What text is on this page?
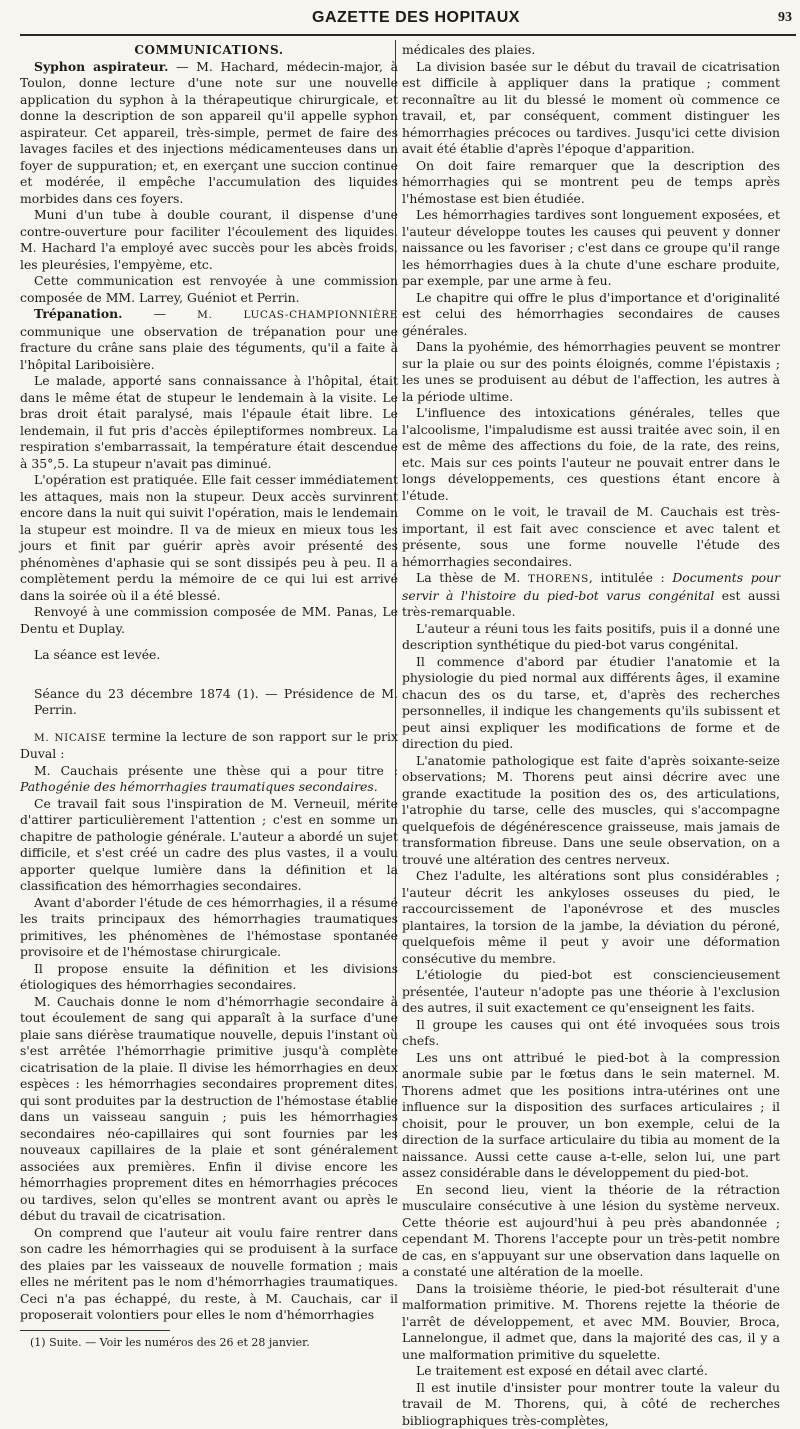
GAZETTE DES HOPITAUX	93

COMMUNICATIONS.

Syphon aspirateur. — M. Hachard, médecin-major, à Toulon, donne lecture d'une note sur une nouvelle application du syphon à la thérapeutique chirurgicale, et donne la description de son appareil qu'il appelle syphon aspirateur. Cet appareil, très-simple, permet de faire des lavages faciles et des injections médicamenteuses dans un foyer de suppuration; et, en exerçant une succion continue et modérée, il empêche l'accumulation des liquides morbides dans ces foyers.

Muni d'un tube à double courant, il dispense d'une contre-ouverture pour faciliter l'écoulement des liquides. M. Hachard l'a employé avec succès pour les abcès froids, les pleurésies, l'empyème, etc.

Cette communication est renvoyée à une commission composée de MM. Larrey, Guéniot et Perrin.

Trépanation. — M. LUCAS-CHAMPIONNIÈRE communique une observation de trépanation pour une fracture du crâne sans plaie des téguments, qu'il a faite à l'hôpital Lariboisière.

Le malade, apporté sans connaissance à l'hôpital, était dans le même état de stupeur le lendemain à la visite. Le bras droit était paralysé, mais l'épaule était libre. Le lendemain, il fut pris d'accès épileptiformes nombreux. La respiration s'embarrassait, la température était descendue à 35°,5. La stupeur n'avait pas diminué.

L'opération est pratiquée. Elle fait cesser immédiatement les attaques, mais non la stupeur. Deux accès survinrent encore dans la nuit qui suivit l'opération, mais le lendemain la stupeur est moindre. Il va de mieux en mieux tous les jours et finit par guérir après avoir présenté des phénomènes d'aphasie qui se sont dissipés peu à peu. Il a complètement perdu la mémoire de ce qui lui est arrivé dans la soirée où il a été blessé.

Renvoyé à une commission composée de MM. Panas, Le Dentu et Duplay.

La séance est levée.

Séance du 23 décembre 1874 (1). — Présidence de M. Perrin.

M. NICAISE termine la lecture de son rapport sur le prix Duval :

M. Cauchais présente une thèse qui a pour titre : Pathogénie des hémorrhagies traumatiques secondaires.

Ce travail fait sous l'inspiration de M. Verneuil, mérite d'attirer particulièrement l'attention ; c'est en somme un chapitre de pathologie générale. L'auteur a abordé un sujet difficile, et s'est créé un cadre des plus vastes, il a voulu apporter quelque lumière dans la définition et la classification des hémorrhagies secondaires.

Avant d'aborder l'étude de ces hémorrhagies, il a résumé les traits principaux des hémorrhagies traumatiques primitives, les phénomènes de l'hémostase spontanée provisoire et de l'hémostase chirurgicale.

Il propose ensuite la définition et les divisions étiologiques des hémorrhagies secondaires.

M. Cauchais donne le nom d'hémorrhagie secondaire à tout écoulement de sang qui apparaît à la surface d'une plaie sans diérèse traumatique nouvelle, depuis l'instant où s'est arrêtée l'hémorrhagie primitive jusqu'à complète cicatrisation de la plaie. Il divise les hémorrhagies en deux espèces : les hémorrhagies secondaires proprement dites, qui sont produites par la destruction de l'hémostase établie dans un vaisseau sanguin ; puis les hémorrhagies secondaires néo-capillaires qui sont fournies par les nouveaux capillaires de la plaie et sont généralement associées aux premières. Enfin il divise encore les hémorrhagies proprement dites en hémorrhagies précoces ou tardives, selon qu'elles se montrent avant ou après le début du travail de cicatrisation.

On comprend que l'auteur ait voulu faire rentrer dans son cadre les hémorrhagies qui se produisent à la surface des plaies par les vaisseaux de nouvelle formation ; mais elles ne méritent pas le nom d'hémorrhagies traumatiques. Ceci n'a pas échappé, du reste, à M. Cauchais, car il proposerait volontiers pour elles le nom d'hémorrhagies

(1) Suite. — Voir les numéros des 26 et 28 janvier.

médicales des plaies.

La division basée sur le début du travail de cicatrisation est difficile à appliquer dans la pratique ; comment reconnaître au lit du blessé le moment où commence ce travail, et, par conséquent, comment distinguer les hémorrhagies précoces ou tardives. Jusqu'ici cette division avait été établie d'après l'époque d'apparition.

On doit faire remarquer que la description des hémorrhagies qui se montrent peu de temps après l'hémostase est bien étudiée.

Les hémorrhagies tardives sont longuement exposées, et l'auteur développe toutes les causes qui peuvent y donner naissance ou les favoriser ; c'est dans ce groupe qu'il range les hémorrhagies dues à la chute d'une eschare produite, par exemple, par une arme à feu.

Le chapitre qui offre le plus d'importance et d'originalité est celui des hémorrhagies secondaires de causes générales.

Dans la pyohémie, des hémorrhagies peuvent se montrer sur la plaie ou sur des points éloignés, comme l'épistaxis ; les unes se produisent au début de l'affection, les autres à la période ultime.

L'influence des intoxications générales, telles que l'alcoolisme, l'impaludisme est aussi traitée avec soin, il en est de même des affections du foie, de la rate, des reins, etc. Mais sur ces points l'auteur ne pouvait entrer dans le longs développements, ces questions étant encore à l'étude.

Comme on le voit, le travail de M. Cauchais est très-important, il est fait avec conscience et avec talent et présente, sous une forme nouvelle l'étude des hémorrhagies secondaires.

La thèse de M. THORENS, intitulée : Documents pour servir à l'histoire du pied-bot varus congénital est aussi très-remarquable.

L'auteur a réuni tous les faits positifs, puis il a donné une description synthétique du pied-bot varus congénital.

Il commence d'abord par étudier l'anatomie et la physiologie du pied normal aux différents âges, il examine chacun des os du tarse, et, d'après des recherches personnelles, il indique les changements qu'ils subissent et peut ainsi expliquer les modifications de forme et de direction du pied.

L'anatomie pathologique est faite d'après soixante-seize observations; M. Thorens peut ainsi décrire avec une grande exactitude la position des os, des articulations, l'atrophie du tarse, celle des muscles, qui s'accompagne quelquefois de dégénérescence graisseuse, mais jamais de transformation fibreuse. Dans une seule observation, on a trouvé une altération des centres nerveux.

Chez l'adulte, les altérations sont plus considérables ; l'auteur décrit les ankyloses osseuses du pied, le raccourcissement de l'aponévrose et des muscles plantaires, la torsion de la jambe, la déviation du péroné, quelquefois même il peut y avoir une déformation consécutive du membre.

L'étiologie du pied-bot est consciencieusement présentée, l'auteur n'adopte pas une théorie à l'exclusion des autres, il suit exactement ce qu'enseignent les faits.

Il groupe les causes qui ont été invoquées sous trois chefs.

Les uns ont attribué le pied-bot à la compression anormale subie par le fœtus dans le sein maternel. M. Thorens admet que les positions intra-utérines ont une influence sur la disposition des surfaces articulaires ; il choisit, pour le prouver, un bon exemple, celui de la direction de la surface articulaire du tibia au moment de la naissance. Aussi cette cause a-t-elle, selon lui, une part assez considérable dans le développement du pied-bot.

En second lieu, vient la théorie de la rétraction musculaire consécutive à une lésion du système nerveux. Cette théorie est aujourd'hui à peu près abandonnée ; cependant M. Thorens l'accepte pour un très-petit nombre de cas, en s'appuyant sur une observation dans laquelle on a constaté une altération de la moelle.

Dans la troisième théorie, le pied-bot résulterait d'une malformation primitive. M. Thorens rejette la théorie de l'arrêt de développement, et avec MM. Bouvier, Broca, Lannelongue, il admet que, dans la majorité des cas, il y a une malformation primitive du squelette.

Le traitement est exposé en détail avec clarté.

Il est inutile d'insister pour montrer toute la valeur du travail de M. Thorens, qui, à côté de recherches bibliographiques très-complètes,
